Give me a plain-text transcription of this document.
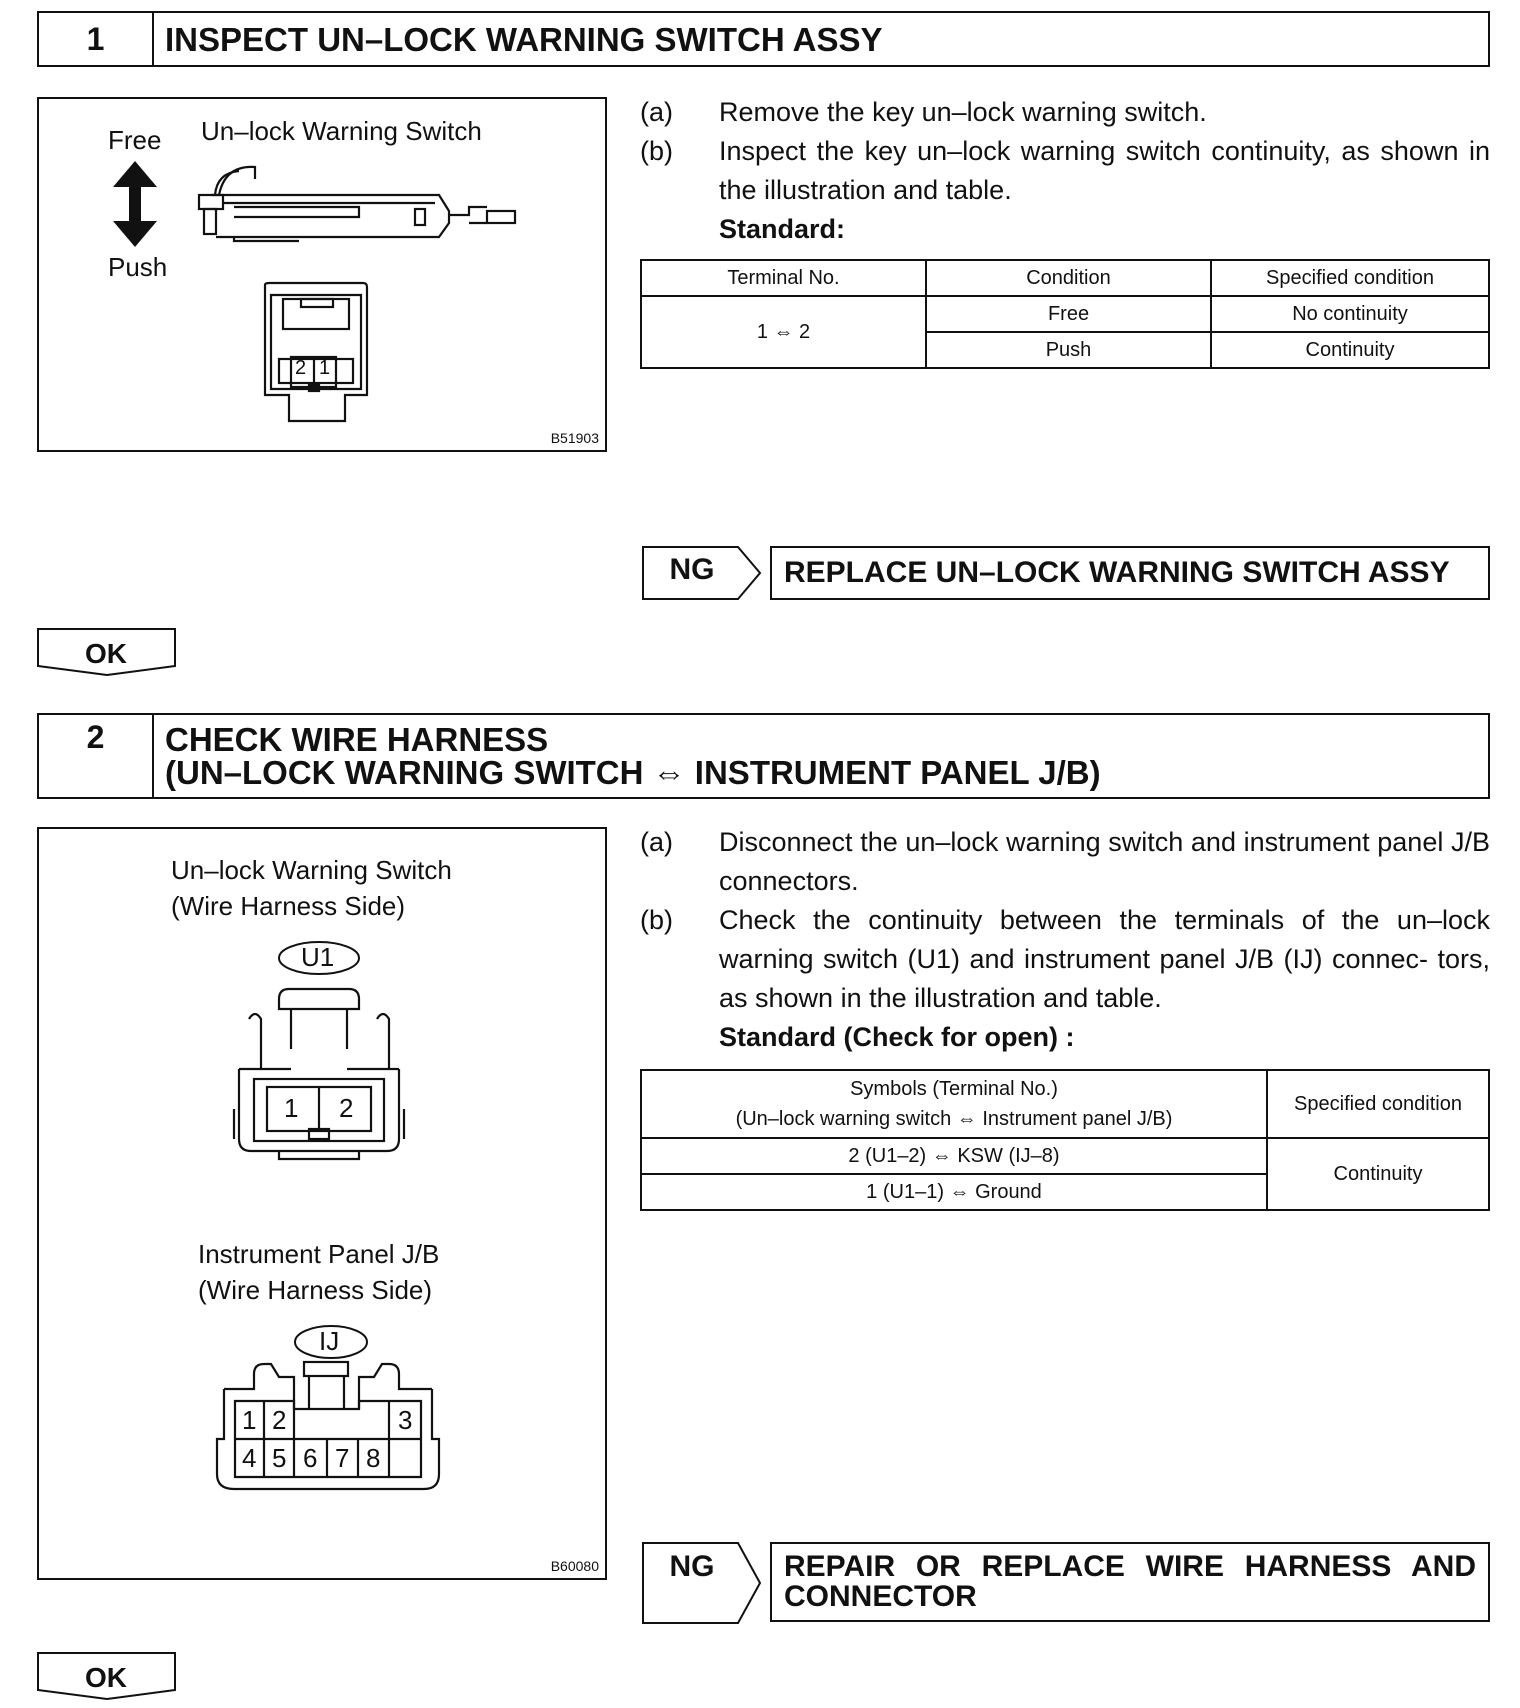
1	INSPECT UN–LOCK WARNING SWITCH ASSY
Free
Push
Un–lock Warning Switch
2 1
B51903
(a) Remove the key un–lock warning switch.
(b) Inspect the key un–lock warning switch continuity, as shown in the illustration and table.
Standard:
Terminal No.	Condition	Specified condition
1 ⇔ 2	Free	No continuity
	Push	Continuity
NG	REPLACE UN–LOCK WARNING SWITCH ASSY
OK
2	CHECK WIRE HARNESS
(UN–LOCK WARNING SWITCH ⇔ INSTRUMENT PANEL J/B)
Un–lock Warning Switch
(Wire Harness Side)
Instrument Panel J/B
(Wire Harness Side)
U1
1 2
IJ
1 2	3
4 5 6 7 8
B60080
(a) Disconnect the un–lock warning switch and instrument panel J/B connectors.
(b) Check the continuity between the terminals of the un–lock warning switch (U1) and instrument panel J/B (IJ) connec- tors, as shown in the illustration and table.
Standard (Check for open) :
Symbols (Terminal No.)
(Un–lock warning switch ⇔ Instrument panel J/B)	Specified condition
2 (U1–2) ⇔ KSW (IJ–8)	Continuity
1 (U1–1) ⇔ Ground	
NG	REPAIR OR REPLACE WIRE HARNESS AND
CONNECTOR
OK
